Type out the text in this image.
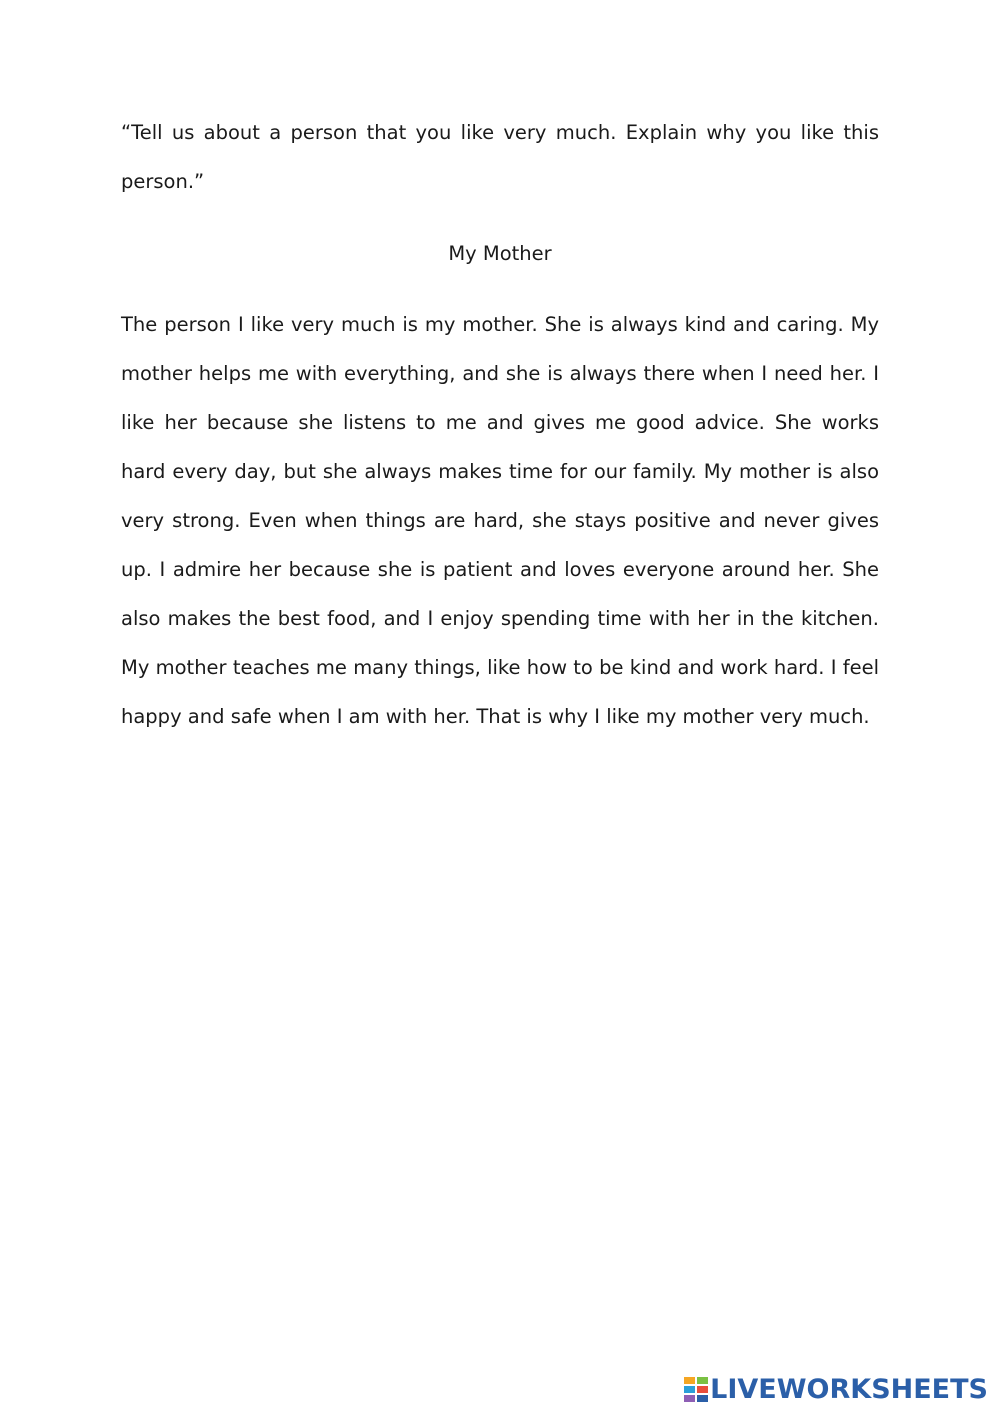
“Tell us about a person that you like very much. Explain why you like this person.”

My Mother

The person I like very much is my mother. She is always kind and caring. My mother helps me with everything, and she is always there when I need her. I like her because she listens to me and gives me good advice. She works hard every day, but she always makes time for our family. My mother is also very strong. Even when things are hard, she stays positive and never gives up. I admire her because she is patient and loves everyone around her. She also makes the best food, and I enjoy spending time with her in the kitchen. My mother teaches me many things, like how to be kind and work hard. I feel happy and safe when I am with her. That is why I like my mother very much.

LIVEWORKSHEETS
